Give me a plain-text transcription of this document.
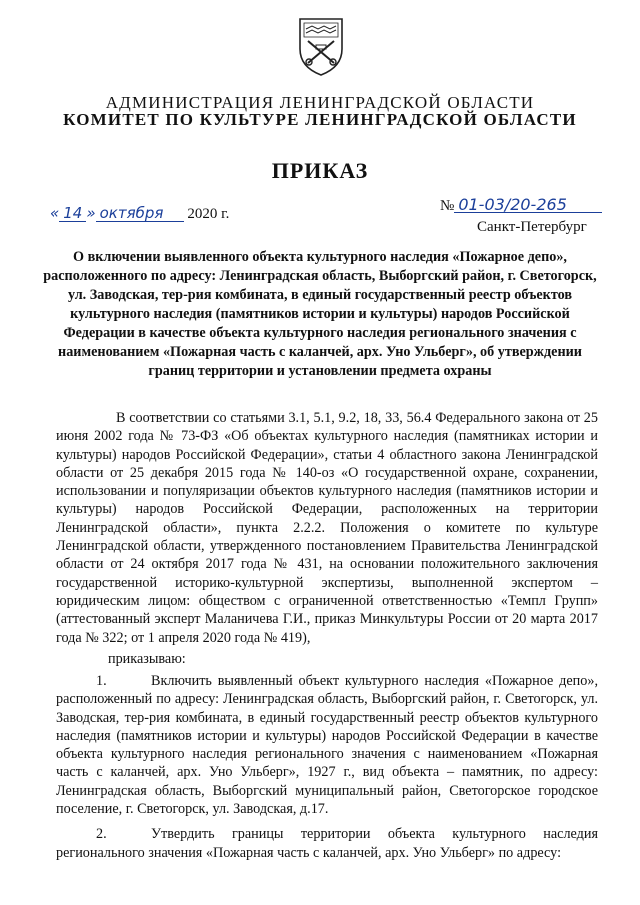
АДМИНИСТРАЦИЯ ЛЕНИНГРАДСКОЙ ОБЛАСТИ
КОМИТЕТ ПО КУЛЬТУРЕ ЛЕНИНГРАДСКОЙ ОБЛАСТИ
ПРИКАЗ
« 14 » октября 2020 г.	№ 01-03/20-265
Санкт-Петербург
О включении выявленного объекта культурного наследия «Пожарное депо», расположенного по адресу: Ленинградская область, Выборгский район, г. Светогорск, ул. Заводская, тер-рия комбината, в единый государственный реестр объектов культурного наследия (памятников истории и культуры) народов Российской Федерации в качестве объекта культурного наследия регионального значения с наименованием «Пожарная часть с каланчей, арх. Уно Ульберг», об утверждении границ территории и установлении предмета охраны

В соответствии со статьями 3.1, 5.1, 9.2, 18, 33, 56.4 Федерального закона от 25 июня 2002 года № 73-ФЗ «Об объектах культурного наследия (памятниках истории и культуры) народов Российской Федерации», статьи 4 областного закона Ленинградской области от 25 декабря 2015 года № 140-оз «О государственной охране, сохранении, использовании и популяризации объектов культурного наследия (памятников истории и культуры) народов Российской Федерации, расположенных на территории Ленинградской области», пункта 2.2.2. Положения о комитете по культуре Ленинградской области, утвержденного постановлением Правительства Ленинградской области от 24 октября 2017 года № 431, на основании положительного заключения государственной историко-культурной экспертизы, выполненной экспертом – юридическим лицом: обществом с ограниченной ответственностью «Темпл Групп» (аттестованный эксперт Маланичева Г.И., приказ Минкультуры России от 20 марта 2017 года № 322; от 1 апреля 2020 года № 419),

приказываю:

1.	Включить выявленный объект культурного наследия «Пожарное депо», расположенный по адресу: Ленинградская область, Выборгский район, г. Светогорск, ул. Заводская, тер-рия комбината, в единый государственный реестр объектов культурного наследия (памятников истории и культуры) народов Российской Федерации в качестве объекта культурного наследия регионального значения с наименованием «Пожарная часть с каланчей, арх. Уно Ульберг», 1927 г., вид объекта – памятник, по адресу: Ленинградская область, Выборгский муниципальный район, Светогорское городское поселение, г. Светогорск, ул. Заводская, д.17.

2.	Утвердить границы территории объекта культурного наследия регионального значения «Пожарная часть с каланчей, арх. Уно Ульберг» по адресу:
